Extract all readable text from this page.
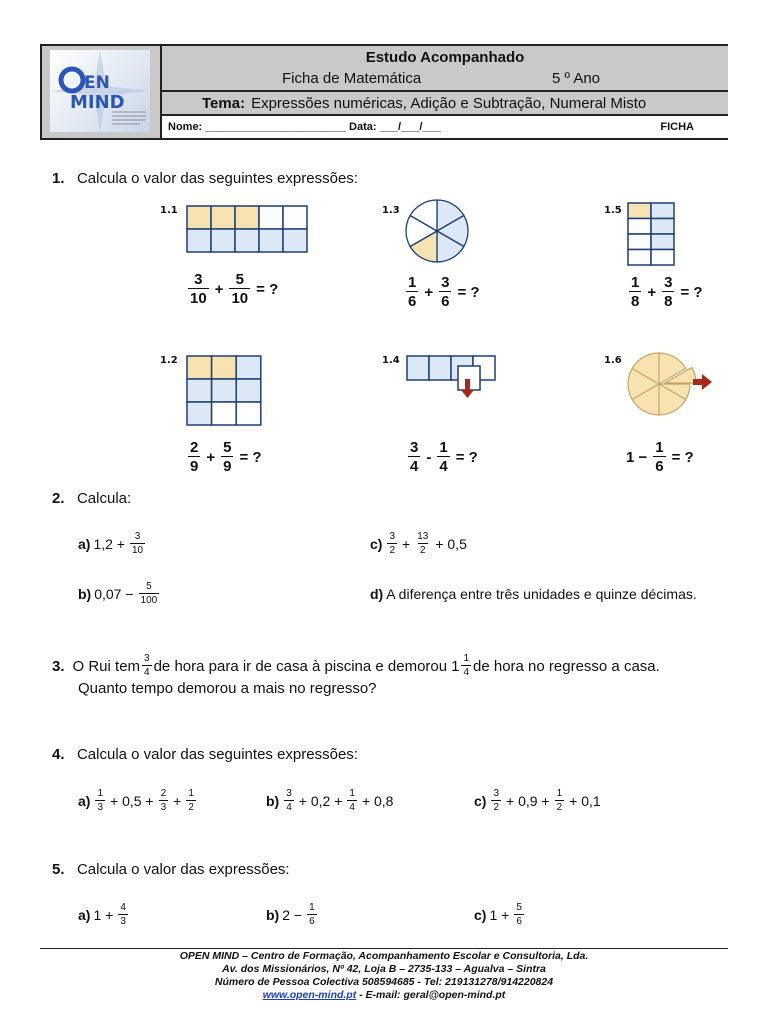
EN
MIND
Estudo Acompanhado
Ficha de Matemática	5 º Ano
Tema: Expressões numéricas, Adição e Subtração, Numeral Misto
Nome: _______________________ Data: ___/___/___	FICHA
1. Calcula o valor das seguintes expressões:
1.1
$\frac{3}{10} + \frac{5}{10}$ = ?
1.3
$\frac{1}{6} + \frac{3}{6}$ = ?
1.5
$\frac{1}{8} + \frac{3}{8}$ = ?
1.2
$\frac{2}{9} + \frac{5}{9}$ = ?
1.4
$\frac{3}{4} - \frac{1}{4}$ = ?
1.6
$1 - \frac{1}{6}$ = ?
2. Calcula:
a) $1,2 + \frac{3}{10}$	$c) \frac{3}{2} + \frac{13}{2} + 0,5$
b) $0,07 - \frac{5}{100}$	d) A diferença entre três unidades e quinze décimas.
3. O Rui tem $\frac{3}{4}$ de hora para ir de casa à piscina e demorou $1 \frac{1}{4}$ de hora no regresso a casa.
Quanto tempo demorou a mais no regresso?
4. Calcula o valor das seguintes expressões:
$a) \frac{1}{3} + 0,5 + \frac{2}{3} + \frac{1}{2}$	$b) \frac{3}{4} + 0,2 + \frac{1}{4} + 0,8$	$c) \frac{3}{2} + 0,9 + \frac{1}{2} + 0,1$
5. Calcula o valor das expressões:
a) $1 + \frac{4}{3}$	b) $2 - \frac{1}{6}$	c) $1 + \frac{5}{6}$
OPEN MIND – Centro de Formação, Acompanhamento Escolar e Consultoria, Lda.
Av. dos Missionários, Nº 42, Loja B – 2735-133 – Agualva – Sintra
Número de Pessoa Colectiva 508594685 - Tel: 219131278/914220824
www.open-mind.pt - E-mail: geral@open-mind.pt
